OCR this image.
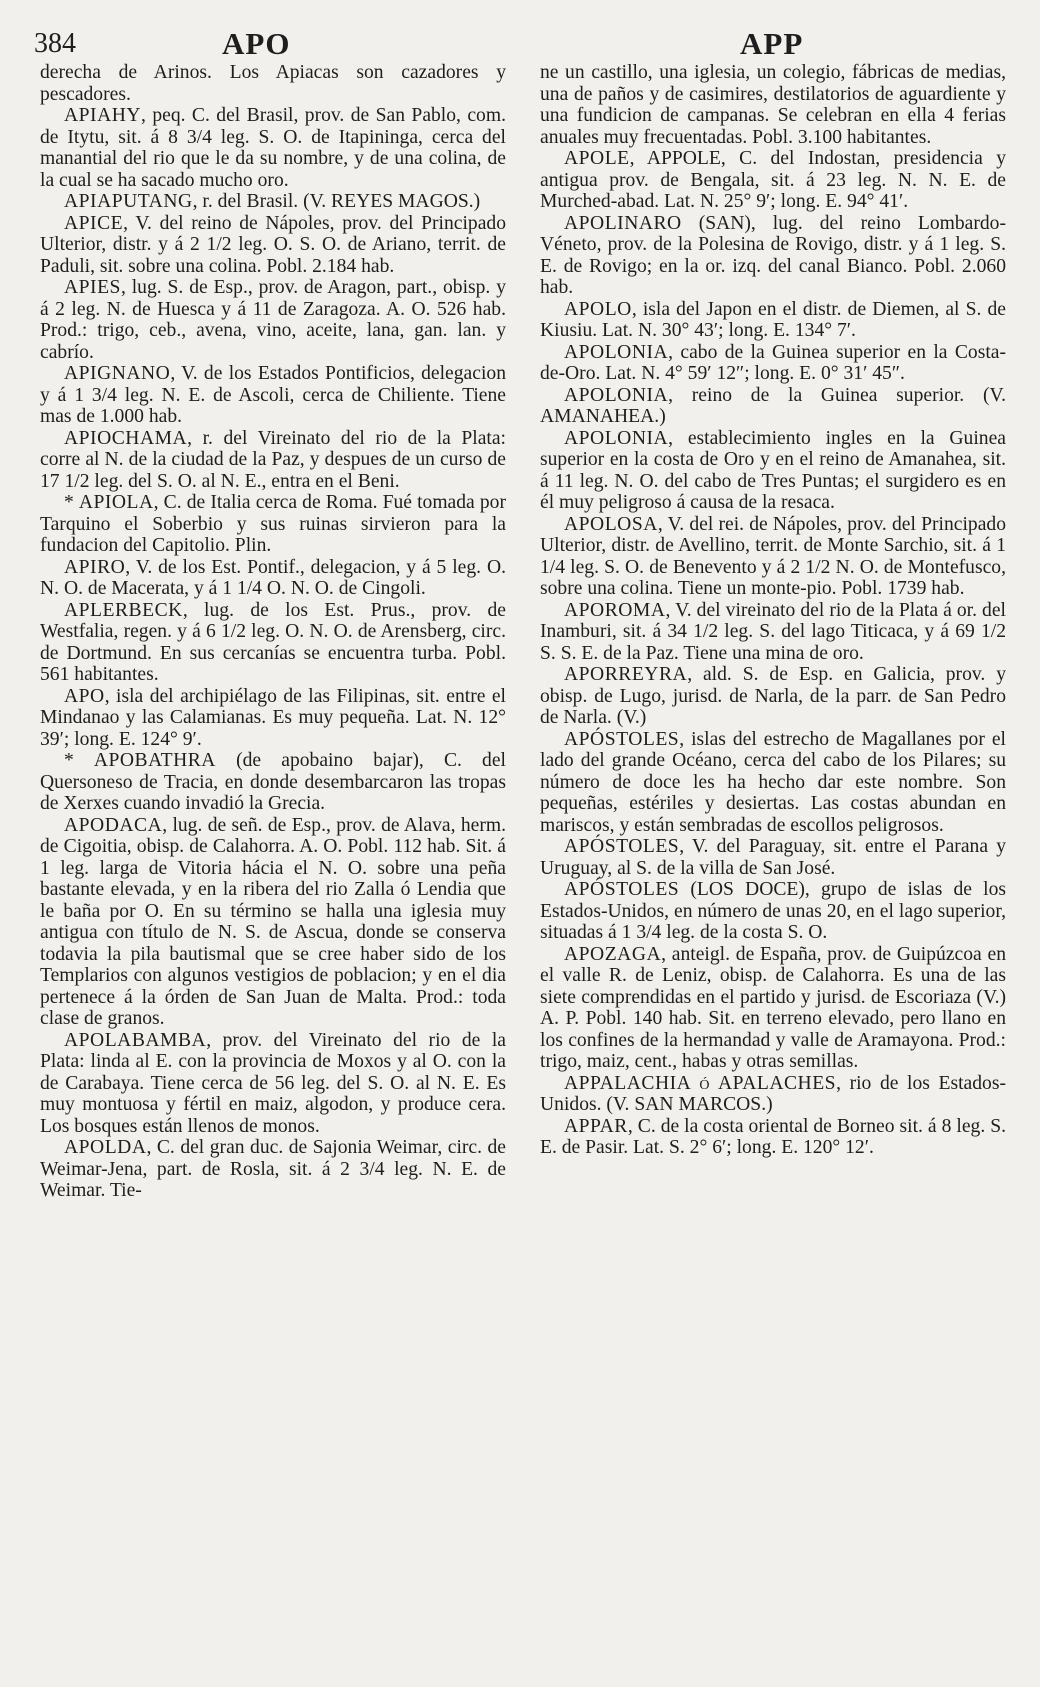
384	APO	APP

derecha de Arinos. Los Apiacas son cazadores y pescadores.

APIAHY, peq. C. del Brasil, prov. de San Pablo, com. de Itytu, sit. á 8 3/4 leg. S. O. de Itapininga, cerca del manantial del rio que le da su nombre, y de una colina, de la cual se ha sacado mucho oro.

APIAPUTANG, r. del Brasil. (V. REYES MAGOS.)

APICE, V. del reino de Nápoles, prov. del Principado Ulterior, distr. y á 2 1/2 leg. O. S. O. de Ariano, territ. de Paduli, sit. sobre una colina. Pobl. 2.184 hab.

APIES, lug. S. de Esp., prov. de Aragon, part., obisp. y á 2 leg. N. de Huesca y á 11 de Zaragoza. A. O. 526 hab. Prod.: trigo, ceb., avena, vino, aceite, lana, gan. lan. y cabrío.

APIGNANO, V. de los Estados Pontificios, delegacion y á 1 3/4 leg. N. E. de Ascoli, cerca de Chiliente. Tiene mas de 1.000 hab.

APIOCHAMA, r. del Vireinato del rio de la Plata: corre al N. de la ciudad de la Paz, y despues de un curso de 17 1/2 leg. del S. O. al N. E., entra en el Beni.

* APIOLA, C. de Italia cerca de Roma. Fué tomada por Tarquino el Soberbio y sus ruinas sirvieron para la fundacion del Capitolio. Plin.

APIRO, V. de los Est. Pontif., delegacion, y á 5 leg. O. N. O. de Macerata, y á 1 1/4 O. N. O. de Cingoli.

APLERBECK, lug. de los Est. Prus., prov. de Westfalia, regen. y á 6 1/2 leg. O. N. O. de Arensberg, circ. de Dortmund. En sus cercanías se encuentra turba. Pobl. 561 habitantes.

APO, isla del archipiélago de las Filipinas, sit. entre el Mindanao y las Calamianas. Es muy pequeña. Lat. N. 12° 39′; long. E. 124° 9′.

* APOBATHRA (de apobaino bajar), C. del Quersoneso de Tracia, en donde desembarcaron las tropas de Xerxes cuando invadió la Grecia.

APODACA, lug. de señ. de Esp., prov. de Alava, herm. de Cigoitia, obisp. de Calahorra. A. O. Pobl. 112 hab. Sit. á 1 leg. larga de Vitoria hácia el N. O. sobre una peña bastante elevada, y en la ribera del rio Zalla ó Lendia que le baña por O. En su término se halla una iglesia muy antigua con título de N. S. de Ascua, donde se conserva todavia la pila bautismal que se cree haber sido de los Templarios con algunos vestigios de poblacion; y en el dia pertenece á la órden de San Juan de Malta. Prod.: toda clase de granos.

APOLABAMBA, prov. del Vireinato del rio de la Plata: linda al E. con la provincia de Moxos y al O. con la de Carabaya. Tiene cerca de 56 leg. del S. O. al N. E. Es muy montuosa y fértil en maiz, algodon, y produce cera. Los bosques están llenos de monos.

APOLDA, C. del gran duc. de Sajonia Weimar, circ. de Weimar-Jena, part. de Rosla, sit. á 2 3/4 leg. N. E. de Weimar. Tie-

ne un castillo, una iglesia, un colegio, fábricas de medias, una de paños y de casimires, destilatorios de aguardiente y una fundicion de campanas. Se celebran en ella 4 ferias anuales muy frecuentadas. Pobl. 3.100 habitantes.

APOLE, APPOLE, C. del Indostan, presidencia y antigua prov. de Bengala, sit. á 23 leg. N. N. E. de Murched-abad. Lat. N. 25° 9′; long. E. 94° 41′.

APOLINARO (SAN), lug. del reino Lombardo-Véneto, prov. de la Polesina de Rovigo, distr. y á 1 leg. S. E. de Rovigo; en la or. izq. del canal Bianco. Pobl. 2.060 hab.

APOLO, isla del Japon en el distr. de Diemen, al S. de Kiusiu. Lat. N. 30° 43′; long. E. 134° 7′.

APOLONIA, cabo de la Guinea superior en la Costa-de-Oro. Lat. N. 4° 59′ 12″; long. E. 0° 31′ 45″.

APOLONIA, reino de la Guinea superior. (V. AMANAHEA.)

APOLONIA, establecimiento ingles en la Guinea superior en la costa de Oro y en el reino de Amanahea, sit. á 11 leg. N. O. del cabo de Tres Puntas; el surgidero es en él muy peligroso á causa de la resaca.

APOLOSA, V. del rei. de Nápoles, prov. del Principado Ulterior, distr. de Avellino, territ. de Monte Sarchio, sit. á 1 1/4 leg. S. O. de Benevento y á 2 1/2 N. O. de Montefusco, sobre una colina. Tiene un monte-pio. Pobl. 1739 hab.

APOROMA, V. del vireinato del rio de la Plata á or. del Inamburi, sit. á 34 1/2 leg. S. del lago Titicaca, y á 69 1/2 S. S. E. de la Paz. Tiene una mina de oro.

APORREYRA, ald. S. de Esp. en Galicia, prov. y obisp. de Lugo, jurisd. de Narla, de la parr. de San Pedro de Narla. (V.)

APÓSTOLES, islas del estrecho de Magallanes por el lado del grande Océano, cerca del cabo de los Pilares; su número de doce les ha hecho dar este nombre. Son pequeñas, estériles y desiertas. Las costas abundan en mariscos, y están sembradas de escollos peligrosos.

APÓSTOLES, V. del Paraguay, sit. entre el Parana y Uruguay, al S. de la villa de San José.

APÓSTOLES (LOS DOCE), grupo de islas de los Estados-Unidos, en número de unas 20, en el lago superior, situadas á 1 3/4 leg. de la costa S. O.

APOZAGA, anteigl. de España, prov. de Guipúzcoa en el valle R. de Leniz, obisp. de Calahorra. Es una de las siete comprendidas en el partido y jurisd. de Escoriaza (V.) A. P. Pobl. 140 hab. Sit. en terreno elevado, pero llano en los confines de la hermandad y valle de Aramayona. Prod.: trigo, maiz, cent., habas y otras semillas.

APPALACHIA ó APALACHES, rio de los Estados-Unidos. (V. SAN MARCOS.)

APPAR, C. de la costa oriental de Borneo sit. á 8 leg. S. E. de Pasir. Lat. S. 2° 6′; long. E. 120° 12′.
